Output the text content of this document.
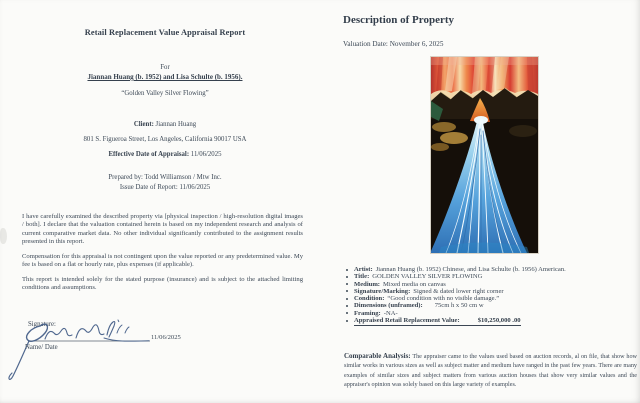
Retail Replacement Value Appraisal Report
For
Jiannan Huang (b. 1952) and Lisa Schulte (b. 1956).
“Golden Valley Silver Flowing”
Client: Jiannan Huang
801 S. Figueroa Street, Los Angeles, California 90017 USA
Effective Date of Appraisal: 11/06/2025
Prepared by: Todd Williamson / Mtw Inc.
Issue Date of Report: 11/06/2025

I have carefully examined the described property via [physical inspection / high-resolution digital images / both]. I declare that the valuation contained herein is based on my independent research and analysis of current comparative market data. No other individual significantly contributed to the assignment results presented in this report.

Compensation for this appraisal is not contingent upon the value reported or any predetermined value. My fee is based on a flat or hourly rate, plus expenses (if applicable).

This report is intended solely for the stated purpose (insurance) and is subject to the attached limiting conditions and assumptions.

Signature:
11/06/2025
Name/ Date
Description of Property
Valuation Date: November 6, 2025
Artist: Jiannan Huang (b. 1952) Chinese, and Lisa Schulte (b. 1956) American.
Title: GOLDEN VALLEY SILVER FLOWING
Medium: Mixed media on canvas
Signature/Marking: Signed & dated lower right corner
Condition: “Good condition with no visible damage.”
Dimensions (unframed): 75cm h x 50 cm w
Framing: -NA-
Appraised Retail Replacement Value:	$10,250,000 .00
Comparable Analysis: The appraiser came to the values used based on auction records, al on file, that show how similar works in various sizes as well as subject matter and medium have ranged in the past few years. There are many examples of similar sizes and subject matters from various auction houses that show very similar values and the appraiser's opinion was solely based on this large variety of examples.
